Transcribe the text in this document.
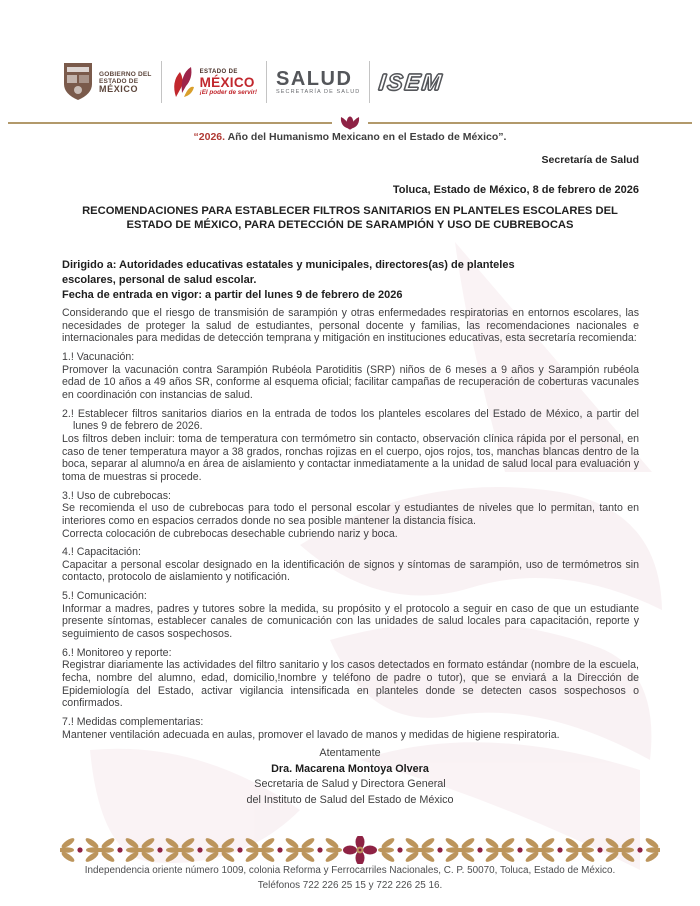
GOBIERNO DEL
ESTADO DE
MÉXICO
ESTADO DE
MÉXICO
¡El poder de servir!
SALUD
SECRETARÍA DE SALUD ISEM
“2026. Año del Humanismo Mexicano en el Estado de México”.
Secretaría de Salud
Toluca, Estado de México, 8 de febrero de 2026
RECOMENDACIONES PARA ESTABLECER FILTROS SANITARIOS EN PLANTELES ESCOLARES DEL ESTADO DE MÉXICO, PARA DETECCIÓN DE SARAMPIÓN Y USO DE CUBREBOCAS
Dirigido a: Autoridades educativas estatales y municipales, directores(as) de planteles escolares, personal de salud escolar.
Fecha de entrada en vigor: a partir del lunes 9 de febrero de 2026

Considerando que el riesgo de transmisión de sarampión y otras enfermedades respiratorias en entornos escolares, las necesidades de proteger la salud de estudiantes, personal docente y familias, las recomendaciones nacionales e internacionales para medidas de detección temprana y mitigación en instituciones educativas, esta secretaría recomienda:

1.! Vacunación:

Promover la vacunación contra Sarampión Rubéola Parotiditis (SRP) niños de 6 meses a 9 años y Sarampión rubéola edad de 10 años a 49 años SR, conforme al esquema oficial; facilitar campañas de recuperación de coberturas vacunales en coordinación con instancias de salud.

2.! Establecer filtros sanitarios diarios en la entrada de todos los planteles escolares del Estado de México, a partir del lunes 9 de febrero de 2026.

Los filtros deben incluir: toma de temperatura con termómetro sin contacto, observación clínica rápida por el personal, en caso de tener temperatura mayor a 38 grados, ronchas rojizas en el cuerpo, ojos rojos, tos, manchas blancas dentro de la boca, separar al alumno/a en área de aislamiento y contactar inmediatamente a la unidad de salud local para evaluación y toma de muestras si procede.

3.! Uso de cubrebocas:

Se recomienda el uso de cubrebocas para todo el personal escolar y estudiantes de niveles que lo permitan, tanto en interiores como en espacios cerrados donde no sea posible mantener la distancia física.

Correcta colocación de cubrebocas desechable cubriendo nariz y boca.

4.! Capacitación:

Capacitar a personal escolar designado en la identificación de signos y síntomas de sarampión, uso de termómetros sin contacto, protocolo de aislamiento y notificación.

5.! Comunicación:

Informar a madres, padres y tutores sobre la medida, su propósito y el protocolo a seguir en caso de que un estudiante presente síntomas, establecer canales de comunicación con las unidades de salud locales para capacitación, reporte y seguimiento de casos sospechosos.

6.! Monitoreo y reporte:

Registrar diariamente las actividades del filtro sanitario y los casos detectados en formato estándar (nombre de la escuela, fecha, nombre del alumno, edad, domicilio,!nombre y teléfono de padre o tutor), que se enviará a la Dirección de Epidemiología del Estado, activar vigilancia intensificada en planteles donde se detecten casos sospechosos o confirmados.

7.! Medidas complementarias:

Mantener ventilación adecuada en aulas, promover el lavado de manos y medidas de higiene respiratoria.

Atentamente
Dra. Macarena Montoya Olvera
Secretaria de Salud y Directora General
del Instituto de Salud del Estado de México
Independencia oriente número 1009, colonia Reforma y Ferrocarriles Nacionales, C. P. 50070, Toluca, Estado de México.
Teléfonos 722 226 25 15 y 722 226 25 16.
